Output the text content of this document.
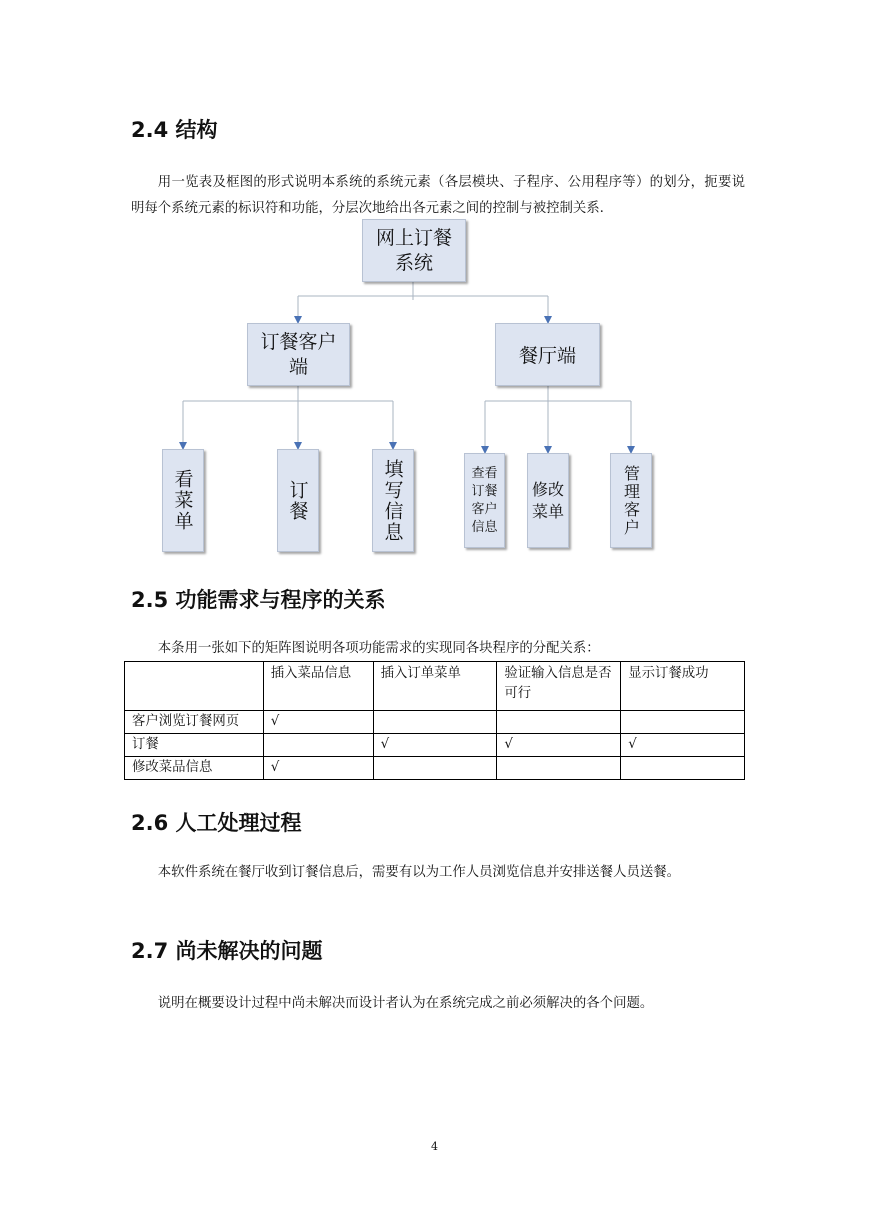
2.4 结构

用一览表及框图的形式说明本系统的系统元素（各层模块、子程序、公用程序等）的划分，扼要说明每个系统元素的标识符和功能，分层次地给出各元素之间的控制与被控制关系.

网上订餐
系统
订餐客户
端	餐厅端
看菜单	订餐	填写信息	查看
订餐
客户
信息
修改
菜单	管理客户
2.5 功能需求与程序的关系

本条用一张如下的矩阵图说明各项功能需求的实现同各块程序的分配关系：

	插入菜品信息	插入订单菜单	验证输入信息是否可行	显示订餐成功
客户浏览订餐网页	√			
订餐		√	√	√
修改菜品信息	√			
2.6 人工处理过程

本软件系统在餐厅收到订餐信息后，需要有以为工作人员浏览信息并安排送餐人员送餐。

2.7 尚未解决的问题

说明在概要设计过程中尚未解决而设计者认为在系统完成之前必须解决的各个问题。

4
